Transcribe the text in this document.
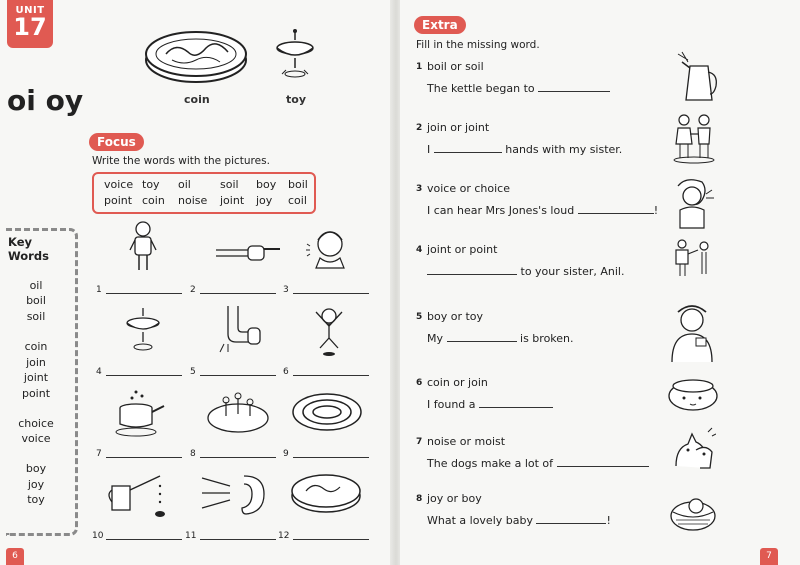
UNIT
17
oi oy	coin	toy
Focus
Write the words with the pictures.
voice toy oil	soil boy boil
point coin noise joint joy coil
Key Words
oil
boil
soil
coin
join
joint
point
choice
voice
boy
joy
toy
1	2	3
4	5	6
7	8	9
10	11	12
6
Extra
Fill in the missing word.
1 boil or soil
The kettle began to
2 join or joint
I	hands with my sister.
3 voice or choice
I can hear Mrs Jones's loud	!
4 joint or point
to your sister, Anil.
5 boy or toy
My	is broken.
6 coin or join
I found a
7 noise or moist
The dogs make a lot of
8 joy or boy
What a lovely baby	!
7
